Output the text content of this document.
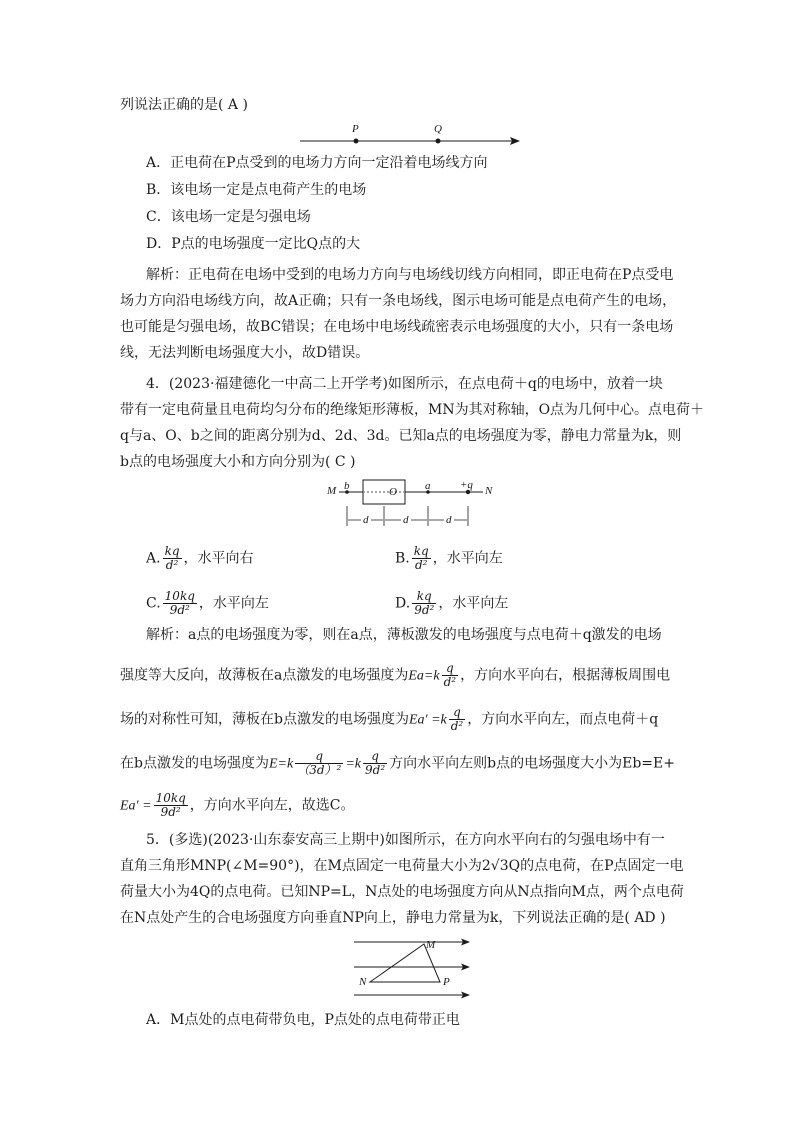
列说法正确的是( A )
P	Q
A．正电荷在P点受到的电场力方向一定沿着电场线方向
B．该电场一定是点电荷产生的电场
C．该电场一定是匀强电场
D．P点的电场强度一定比Q点的大
解析：正电荷在电场中受到的电场力方向与电场线切线方向相同，即正电荷在P点受电
场力方向沿电场线方向，故A正确；只有一条电场线，图示电场可能是点电荷产生的电场，
也可能是匀强电场，故BC错误；在电场中电场线疏密表示电场强度的大小，只有一条电场
线，无法判断电场强度大小，故D错误。
4．(2023·福建德化一中高二上开学考)如图所示，在点电荷＋q的电场中，放着一块
带有一定电荷量且电荷均匀分布的绝缘矩形薄板，MN为其对称轴，O点为几何中心。点电荷＋
q与a、O、b之间的距离分别为d、2d、3d。已知a点的电场强度为零，静电力常量为k，则
b点的电场强度大小和方向分别为( C )
M b	O	a	+q N
d	d	d
A. $\frac{kq}{\text{d²}}$ ，水平向右	B. $\frac{kq}{\text{d²}}$ ，水平向左
C. $\frac{10kq}{\text{9d²}}$ ，水平向左	D. $\frac{kq}{\text{9d²}}$ ，水平向左
解析：a点的电场强度为零，则在a点，薄板激发的电场强度与点电荷＋q激发的电场
强度等大反向，故薄板在a点激发的电场强度为$Ea=k \frac{q}{\text{d²}}$ ，方向水平向右，根据薄板周围电
场的对称性可知，薄板在b点激发的电场强度为$Ea' =k \frac{q}{\text{d²}}$ ，方向水平向左，而点电荷＋q
在b点激发的电场强度为$E=k \frac{q}{\text{（3d）²}} =k \frac{q}{\text{9d²}}$ 方向水平向左则b点的电场强度大小为Eb=E+
$Ea' = \frac{10kq}{\text{9d²}}$ ，方向水平向左，故选C。
5．(多选)(2023·山东泰安高三上期中)如图所示，在方向水平向右的匀强电场中有一
直角三角形MNP(∠M=90°)，在M点固定一电荷量大小为2√3Q的点电荷，在P点固定一电
荷量大小为4Q的点电荷。已知NP=L，N点处的电场强度方向从N点指向M点，两个点电荷
在N点处产生的合电场强度方向垂直NP向上，静电力常量为k，下列说法正确的是( AD )
M
N	P
A．M点处的点电荷带负电，P点处的点电荷带正电
